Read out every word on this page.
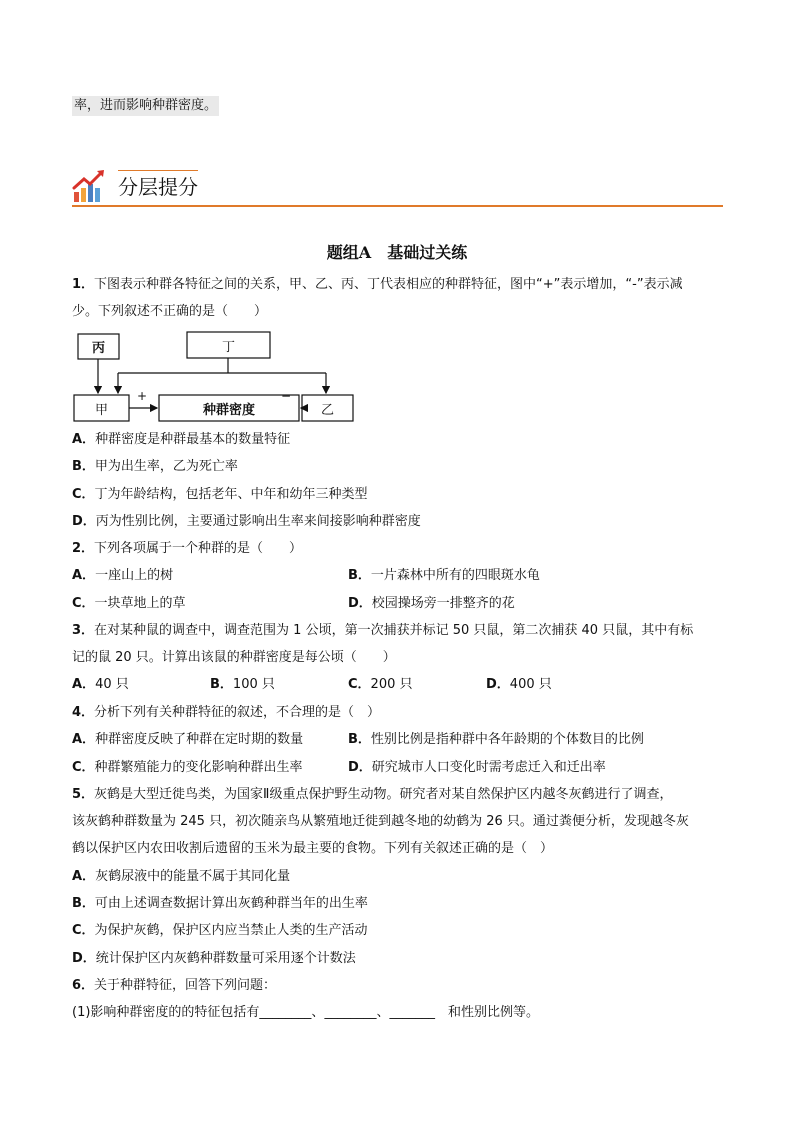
率，进而影响种群密度。
分层提分
题组A　基础过关练
1．下图表示种群各特征之间的关系，甲、乙、丙、丁代表相应的种群特征，图中“+”表示增加，“-”表示减
少。下列叙述不正确的是（　　）
丙	丁
甲	种群密度	乙
+	−
A．种群密度是种群最基本的数量特征
B．甲为出生率，乙为死亡率
C．丁为年龄结构，包括老年、中年和幼年三种类型
D．丙为性别比例，主要通过影响出生率来间接影响种群密度
2．下列各项属于一个种群的是（　　）
A．一座山上的树	B．一片森林中所有的四眼斑水龟
C．一块草地上的草	D．校园操场旁一排整齐的花
3．在对某种鼠的调查中，调查范围为 1 公顷，第一次捕获并标记 50 只鼠，第二次捕获 40 只鼠，其中有标
记的鼠 20 只。计算出该鼠的种群密度是每公顷（　　）
A．40 只	B．100 只	C．200 只	D．400 只
4．分析下列有关种群特征的叙述，不合理的是（　）
A．种群密度反映了种群在定时期的数量	B．性别比例是指种群中各年龄期的个体数目的比例
C．种群繁殖能力的变化影响种群出生率	D．研究城市人口变化时需考虑迁入和迁出率
5．灰鹤是大型迁徙鸟类，为国家Ⅱ级重点保护野生动物。研究者对某自然保护区内越冬灰鹤进行了调查，
该灰鹤种群数量为 245 只，初次随亲鸟从繁殖地迁徙到越冬地的幼鹤为 26 只。通过粪便分析，发现越冬灰
鹤以保护区内农田收割后遗留的玉米为最主要的食物。下列有关叙述正确的是（　）
A．灰鹤尿液中的能量不属于其同化量
B．可由上述调查数据计算出灰鹤种群当年的出生率
C．为保护灰鹤，保护区内应当禁止人类的生产活动
D．统计保护区内灰鹤种群数量可采用逐个计数法
6．关于种群特征，回答下列问题：
(1)影响种群密度的的特征包括有________、________、_______　和性别比例等。
